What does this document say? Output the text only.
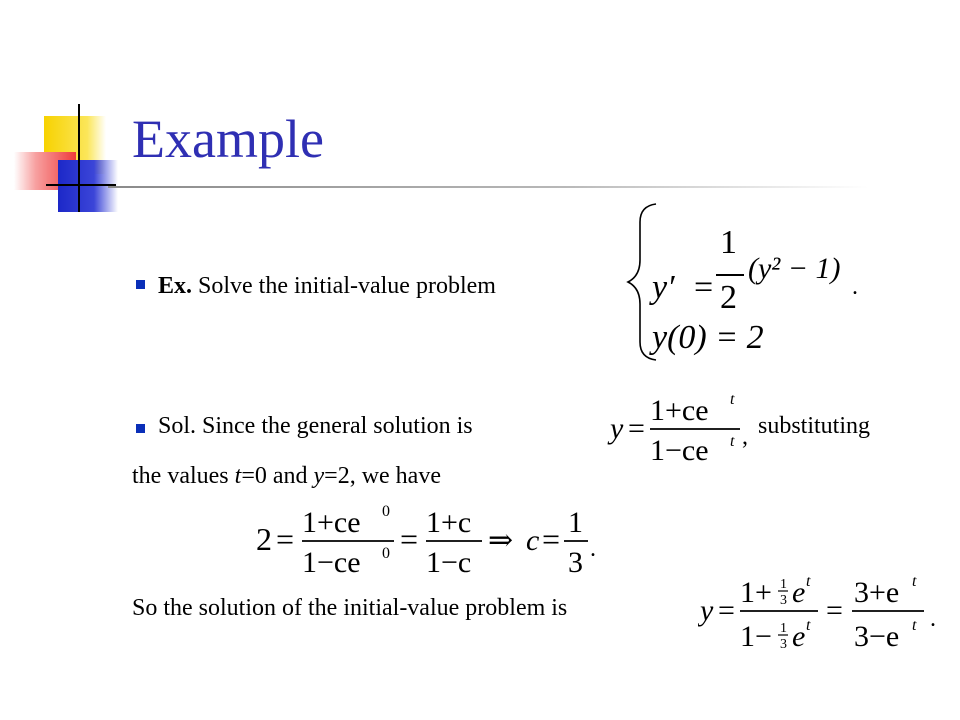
Example
Ex. Solve the initial-value problem	y′ =
1
2
(y² − 1)
.
y(0) = 2
Sol. Since the general solution is	y =
1+ce t
1−ce t , substituting
the values t=0 and y=2, we have
2 = 1+ce 0
1−ce 0 = 1+c
1−c
⇒ c = 1
3 .
So the solution of the initial-value problem is	y =
1+ 1
3 e t
1− 1
3 e t =
3+e t
3−e t .
